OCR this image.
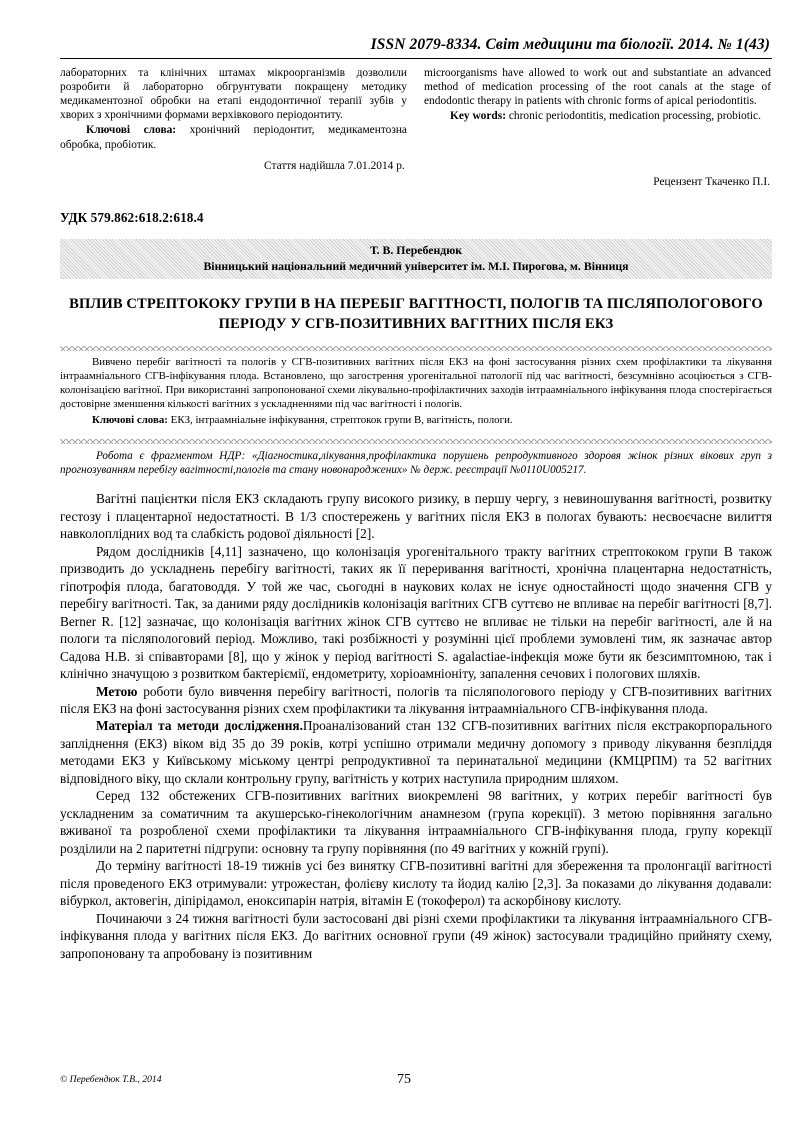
ISSN 2079-8334. Світ медицини та біології. 2014. № 1(43)

лабораторних та клінічних штамах мікроорганізмів дозволили розробити й лабораторно обгрунтувати покращену методику медикаментозної обробки на етапі ендодонтичної терапії зубів у хворих з хронічними формами верхівкового періодонтиту.

Ключові слова: хронічний періодонтит, медикаментозна обробка, пробіотик.

microorganisms have allowed to work out and substantiate an advanced method of medication processing of the root canals at the stage of endodontic therapy in patients with chronic forms of apical periodontitis.

Key words: chronic periodontitis, medication processing, probiotic.

Стаття надійшла 7.01.2014 р.
Рецензент Ткаченко П.І.
УДК 579.862:618.2:618.4
Т. В. Перебендюк
Вінницький національний медичний університет ім. М.І. Пирогова, м. Вінниця
ВПЛИВ СТРЕПТОКОКУ ГРУПИ В НА ПЕРЕБІГ ВАГІТНОСТІ, ПОЛОГІВ ТА ПІСЛЯПОЛОГОВОГО ПЕРІОДУ У СГВ-ПОЗИТИВНИХ ВАГІТНИХ ПІСЛЯ ЕКЗ

Вивчено перебіг вагітності та пологів у СГВ-позитивних вагітних після ЕКЗ на фоні застосування різних схем профілактики та лікування інтраамніального СГВ-інфікування плода. Встановлено, що загострення урогенітальної патології під час вагітності, безсумнівно асоціюється з СГВ-колонізацією вагітної. При використанні запропонованої схеми лікувально-профілактичних заходів інтраамніального інфікування плода спостерігається достовірне зменшення кількості вагітних з ускладненнями під час вагітності і пологів.

Ключові слова: ЕКЗ, інтраамніальне інфікування, стрептокок групи В, вагітність, пологи.

Робота є фрагментом НДР: «Діагностика,лікування,профілактика порушень репродуктивного здоровя жінок різних вікових груп з прогнозуванням перебігу вагітності,пологів та стану новонароджених» № держ. реєстрації №0110U005217.

Вагітні пацієнтки після ЕКЗ складають групу високого ризику, в першу чергу, з невиношування вагітності, розвитку гестозу і плацентарної недостатності. В 1/3 спостережень у вагітних після ЕКЗ в пологах бувають: несвоєчасне вилиття навколоплідних вод та слабкість родової діяльності [2].

Рядом дослідників [4,11] зазначено, що колонізація урогенітального тракту вагітних стрептококом групи В також призводить до ускладнень перебігу вагітності, таких як її переривання вагітності, хронічна плацентарна недостатність, гіпотрофія плода, багатоводдя. У той же час, сьогодні в наукових колах не існує одностайності щодо значення СГВ у перебігу вагітності. Так, за даними ряду дослідників колонізація вагітних СГВ суттєво не впливає на перебіг вагітності [8,7]. Berner R. [12] зазначає, що колонізація вагітних жінок СГВ суттєво не впливає не тільки на перебіг вагітності, але й на пологи та післяпологовий період. Можливо, такі розбіжності у розумінні цієї проблеми зумовлені тим, як зазначає автор Садова Н.В. зі співавторами [8], що у жінок у період вагітності S. agalactiae-інфекція може бути як безсимптомною, так і клінічно значущою з розвитком бактеріємії, ендометриту, хоріоамніоніту, запалення сечових і пологових шляхів.

Метою роботи було вивчення перебігу вагітності, пологів та післяпологового періоду у СГВ-позитивних вагітних після ЕКЗ на фоні застосування різних схем профілактики та лікування інтраамніального СГВ-інфікування плода.

Матеріал та методи дослідження.Проаналізований стан 132 СГВ-позитивних вагітних після екстракорпорального запліднення (ЕКЗ) віком від 35 до 39 років, котрі успішно отримали медичну допомогу з приводу лікування безпліддя методами ЕКЗ у Київському міському центрі репродуктивної та перинатальної медицини (КМЦРПМ) та 52 вагітних відповідного віку, що склали контрольну групу, вагітність у котрих наступила природним шляхом.

Серед 132 обстежених СГВ-позитивних вагітних виокремлені 98 вагітних, у котрих перебіг вагітності був ускладненим за соматичним та акушерсько-гінекологічним анамнезом (група корекції). З метою порівняння загально вживаної та розробленої схеми профілактики та лікування інтраамніального СГВ-інфікування плода, групу корекції розділили на 2 паритетні підгрупи: основну та групу порівняння (по 49 вагітних у кожній групі).

До терміну вагітності 18-19 тижнів усі без винятку СГВ-позитивні вагітні для збереження та пролонгації вагітності після проведеного ЕКЗ отримували: утрожестан, фолієву кислоту та йодид калію [2,3]. За показами до лікування додавали: вібуркол, актовегін, діпірідамол, еноксипарін натрія, вітамін Е (токоферол) та аскорбінову кислоту.

Починаючи з 24 тижня вагітності були застосовані дві різні схеми профілактики та лікування інтраамніального СГВ-інфікування плода у вагітних після ЕКЗ. До вагітних основної групи (49 жінок) застосували традиційно прийняту схему, запропоновану та апробовану із позитивним

© Перебендюк Т.В., 2014	75
